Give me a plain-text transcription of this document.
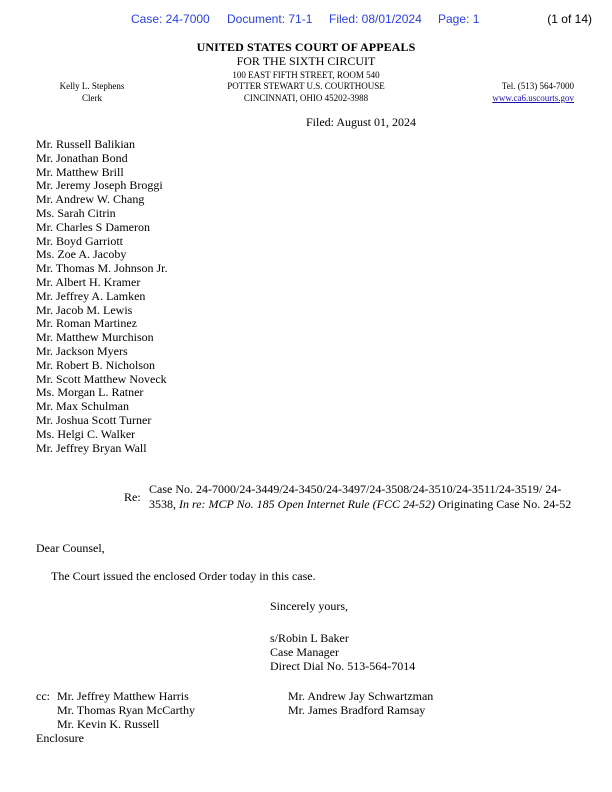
Case: 24-7000 Document: 71-1 Filed: 08/01/2024 Page: 1	(1 of 14)
UNITED STATES COURT OF APPEALS
FOR THE SIXTH CIRCUIT
100 EAST FIFTH STREET, ROOM 540
POTTER STEWART U.S. COURTHOUSE
CINCINNATI, OHIO 45202-3988
Kelly L. Stephens
Clerk
Tel. (513) 564-7000
www.ca6.uscourts.gov
Filed: August 01, 2024
Mr. Russell Balikian
Mr. Jonathan Bond
Mr. Matthew Brill
Mr. Jeremy Joseph Broggi
Mr. Andrew W. Chang
Ms. Sarah Citrin
Mr. Charles S Dameron
Mr. Boyd Garriott
Ms. Zoe A. Jacoby
Mr. Thomas M. Johnson Jr.
Mr. Albert H. Kramer
Mr. Jeffrey A. Lamken
Mr. Jacob M. Lewis
Mr. Roman Martinez
Mr. Matthew Murchison
Mr. Jackson Myers
Mr. Robert B. Nicholson
Mr. Scott Matthew Noveck
Ms. Morgan L. Ratner
Mr. Max Schulman
Mr. Joshua Scott Turner
Ms. Helgi C. Walker
Mr. Jeffrey Bryan Wall
Re:
Case No. 24-7000/24-3449/24-3450/24-3497/24-3508/24-3510/24-3511/24-3519/ 24-3538, In re: MCP No. 185 Open Internet Rule (FCC 24-52) Originating Case No. 24-52
Dear Counsel,
The Court issued the enclosed Order today in this case.
Sincerely yours,
s/Robin L Baker
Case Manager
Direct Dial No. 513-564-7014
cc: Mr. Jeffrey Matthew Harris
Mr. Thomas Ryan McCarthy
Mr. Kevin K. Russell
Mr. Andrew Jay Schwartzman
Mr. James Bradford Ramsay
Enclosure
